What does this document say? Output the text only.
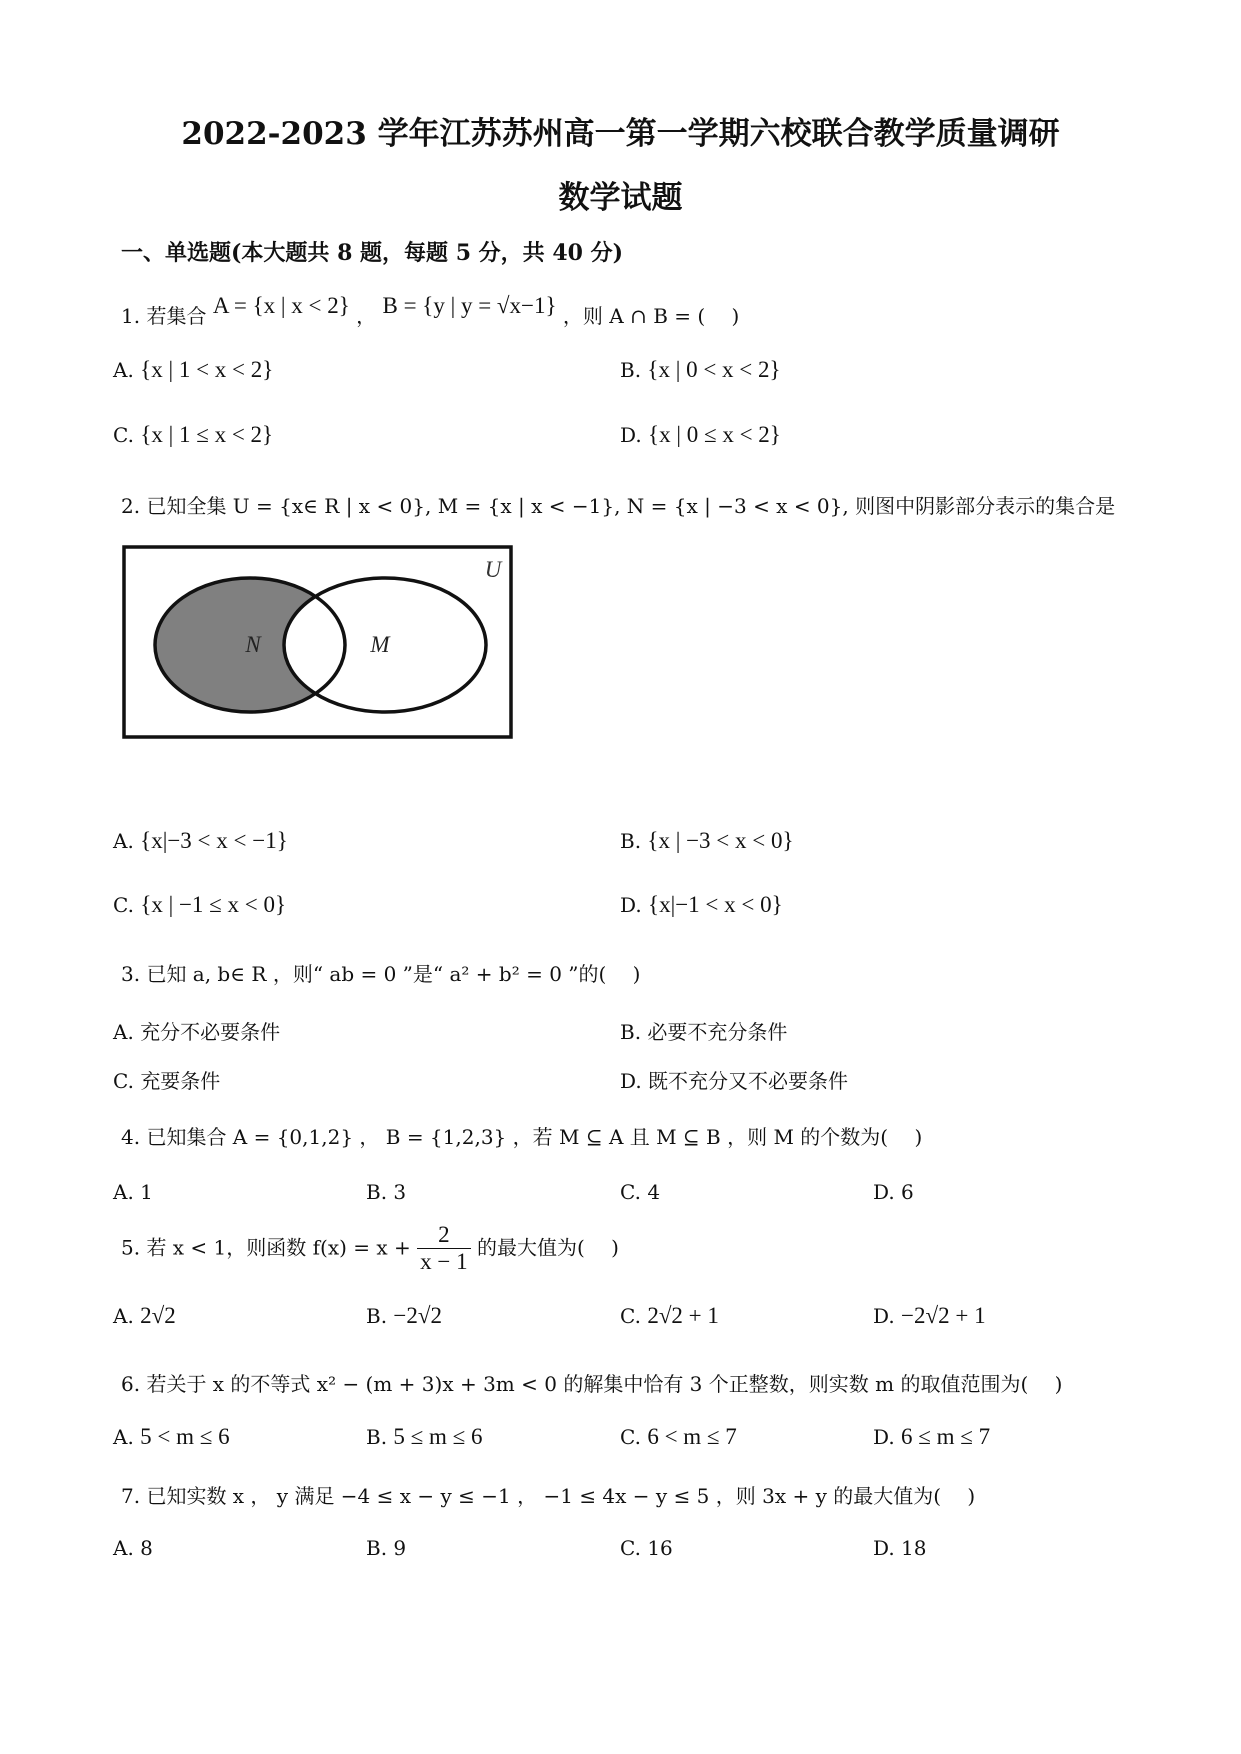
2022-2023 学年江苏苏州高一第一学期六校联合教学质量调研
数学试题
一、单选题(本大题共 8 题，每题 5 分，共 40 分)
1. 若集合 A = {x | x < 2} ， B = {y | y = √x−1} ，则 A ∩ B = (　 )
A. {x | 1 < x < 2}	B. {x | 0 < x < 2}
C. {x | 1 ≤ x < 2}	D. {x | 0 ≤ x < 2}
2. 已知全集 U = {x∈ R | x < 0}, M = {x | x < −1}, N = {x | −3 < x < 0}, 则图中阴影部分表示的集合是
U
N	M
A. {x|−3 < x < −1}	B. {x | −3 < x < 0}
C. {x | −1 ≤ x < 0}	D. {x|−1 < x < 0}
3. 已知 a, b∈ R ，则“ ab = 0 ”是“ a² + b² = 0 ”的(　 )
A. 充分不必要条件	B. 必要不充分条件
C. 充要条件	D. 既不充分又不必要条件
4. 已知集合 A = {0,1,2} ， B = {1,2,3} ，若 M ⊆ A 且 M ⊆ B ，则 M 的个数为(　 )
A. 1	B. 3	C. 4	D. 6
5. 若 x < 1，则函数 $f(x) = x + \frac{2}{x - 1}$ 的最大值为(　 )
A. 2√2	B. −2√2	C. 2√2 + 1	D. −2√2 + 1
6. 若关于 x 的不等式 x² − (m + 3)x + 3m < 0 的解集中恰有 3 个正整数，则实数 m 的取值范围为(　 )
A. 5 < m ≤ 6	B. 5 ≤ m ≤ 6	C. 6 < m ≤ 7	D. 6 ≤ m ≤ 7
7. 已知实数 x ， y 满足 −4 ≤ x − y ≤ −1 ， −1 ≤ 4x − y ≤ 5 ，则 3x + y 的最大值为(　 )
A. 8	B. 9	C. 16	D. 18
